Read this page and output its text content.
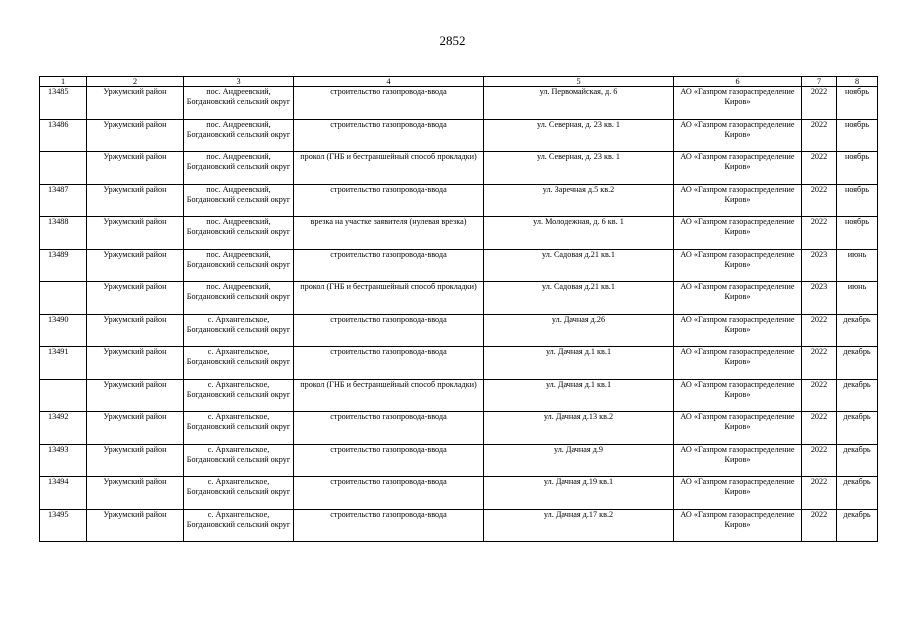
2852
1	2	3	4	5	6	7	8
13485	Уржумский район	пос. Андреевский, Богдановский сельский округ	строительство газопровода-ввода	ул. Первомайская, д. 6	АО «Газпром газораспределение Киров»	2022	ноябрь
13486	Уржумский район	пос. Андреевский, Богдановский сельский округ	строительство газопровода-ввода	ул. Северная, д. 23 кв. 1	АО «Газпром газораспределение Киров»	2022	ноябрь
	Уржумский район	пос. Андреевский, Богдановский сельский округ	прокол (ГНБ и бестраншейный способ прокладки)	ул. Северная, д. 23 кв. 1	АО «Газпром газораспределение Киров»	2022	ноябрь
13487	Уржумский район	пос. Андреевский, Богдановский сельский округ	строительство газопровода-ввода	ул. Заречная д.5 кв.2	АО «Газпром газораспределение Киров»	2022	ноябрь
13488	Уржумский район	пос. Андреевский, Богдановский сельский округ	врезка на участке заявителя (нулевая врезка)	ул. Молодежная, д. 6 кв. 1	АО «Газпром газораспределение Киров»	2022	ноябрь
13489	Уржумский район	пос. Андреевский, Богдановский сельский округ	строительство газопровода-ввода	ул. Садовая д.21 кв.1	АО «Газпром газораспределение Киров»	2023	июнь
	Уржумский район	пос. Андреевский, Богдановский сельский округ	прокол (ГНБ и бестраншейный способ прокладки)	ул. Садовая д.21 кв.1	АО «Газпром газораспределение Киров»	2023	июнь
13490	Уржумский район	с. Архангельское, Богдановский сельский округ	строительство газопровода-ввода	ул. Дачная д.26	АО «Газпром газораспределение Киров»	2022	декабрь
13491	Уржумский район	с. Архангельское, Богдановский сельский округ	строительство газопровода-ввода	ул. Дачная д.1 кв.1	АО «Газпром газораспределение Киров»	2022	декабрь
	Уржумский район	с. Архангельское, Богдановский сельский округ	прокол (ГНБ и бестраншейный способ прокладки)	ул. Дачная д.1 кв.1	АО «Газпром газораспределение Киров»	2022	декабрь
13492	Уржумский район	с. Архангельское, Богдановский сельский округ	строительство газопровода-ввода	ул. Дачная д.13 кв.2	АО «Газпром газораспределение Киров»	2022	декабрь
13493	Уржумский район	с. Архангельское, Богдановский сельский округ	строительство газопровода-ввода	ул. Дачная д.9	АО «Газпром газораспределение Киров»	2022	декабрь
13494	Уржумский район	с. Архангельское, Богдановский сельский округ	строительство газопровода-ввода	ул. Дачная д.19 кв.1	АО «Газпром газораспределение Киров»	2022	декабрь
13495	Уржумский район	с. Архангельское, Богдановский сельский округ	строительство газопровода-ввода	ул. Дачная д.17 кв.2	АО «Газпром газораспределение Киров»	2022	декабрь
